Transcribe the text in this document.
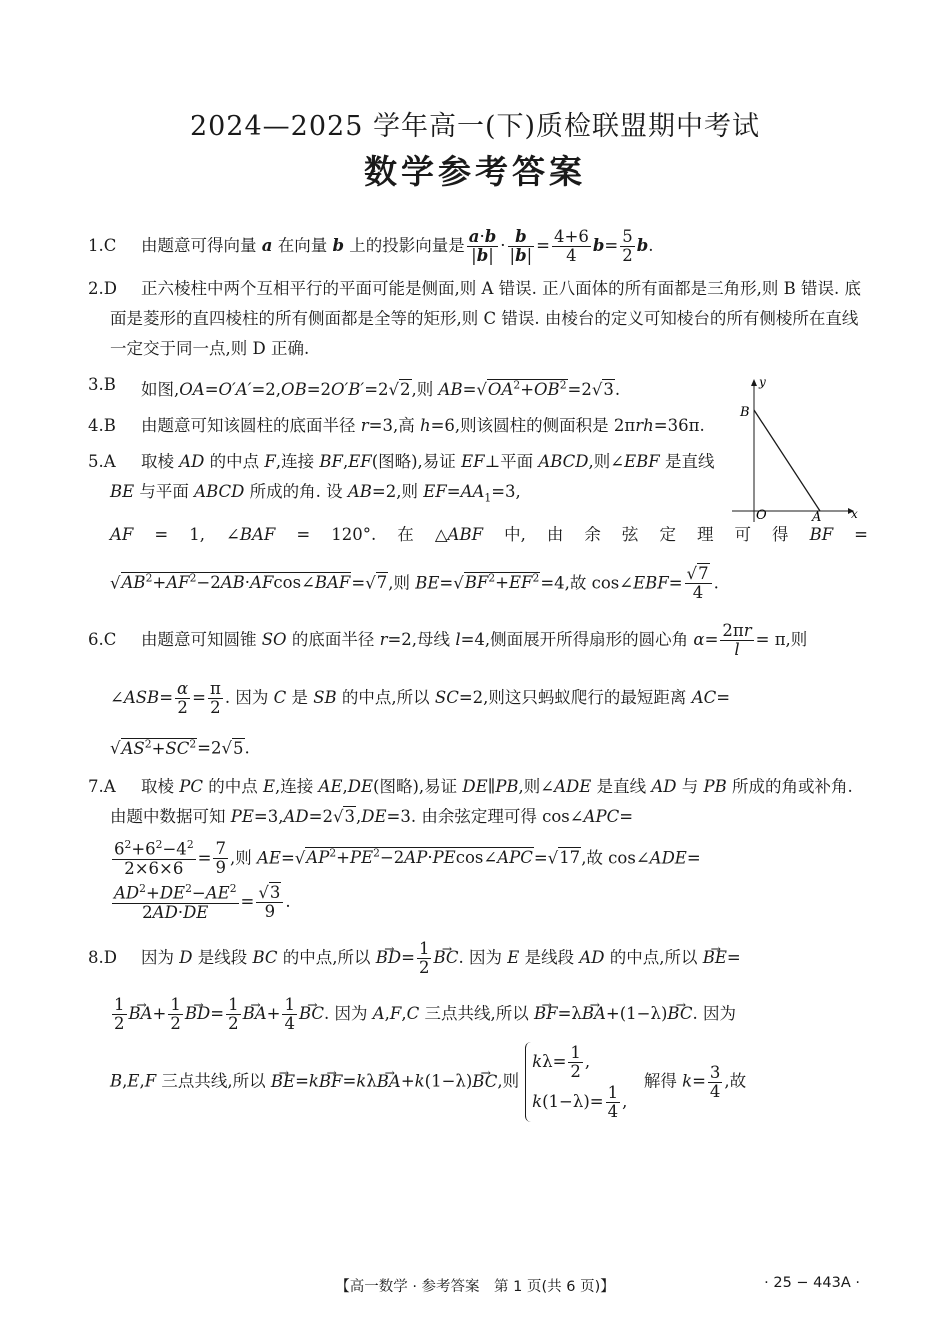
2024—2025 学年高一(下)质检联盟期中考试
数学参考答案
y
x
O	A
B
1.C	由题意可得向量 a 在向量 b 上的投影向量是 $\frac{a\cdot b}{|b|} \cdot \frac{b}{|b|} = \frac{4+6}{4} b= \frac{5}{2} b$.
2.D	正六棱柱中两个互相平行的平面可能是侧面,则 A 错误. 正八面体的所有面都是三角形,则 B 错误. 底面是菱形的直四棱柱的所有侧面都是全等的矩形,则 C 错误. 由棱台的定义可知棱台的所有侧棱所在直线一定交于同一点,则 D 正确.
3.B	如图,OA=O′A′=2,OB=2O′B′=2√2,则 $AB=√OA^2+OB^2=2√3$.
4.B	由题意可知该圆柱的底面半径 r=3,高 h=6,则该圆柱的侧面积是 2πrh=36π.
5.A	取棱 AD 的中点 F,连接 BF,EF(图略),易证 EF⊥平面 ABCD,则∠EBF 是直线 BE 与平面 ABCD 所成的角. 设 AB=2,则 $EF=AA_1=3$,
AF = 1, ∠BAF = 120°. 在 △ABF 中, 由 余 弦 定 理 可 得 BF =
$√AB^2+AF^2-2AB\cdot AFcos\angle BAF=√7$,则 $BE=√BF^2+EF^2=4$,故 cos∠EBF= $\frac{√7}{4}$ .
6.C	由题意可知圆锥 SO 的底面半径 r=2,母线 l=4,侧面展开所得扇形的圆心角 $\alpha= \frac{2\pi r}{l} = \pi$,则∠ASB= $\frac{\alpha}{2} = \frac{\pi}{2}$ . 因为 C 是 SB 的中点,所以 SC=2,则这只蚂蚁爬行的最短距离 AC=
$√AS^2+SC^2=2√5$.
7.A	取棱 PC 的中点 E,连接 AE,DE(图略),易证 DE∥PB,则∠ADE 是直线 AD 与 PB 所成的角或补角. 由题中数据可知 PE=3,AD=2√3,DE=3. 由余弦定理可得 cos∠APC=
$\frac{6^2+6^2-4^2}{2\times 6\times 6} = \frac{7}{9}$ ,则 $AE=√AP^2+PE^2-2AP\cdot PEcos\angle APC=√17$,故 cos∠ADE=
$\frac{AD^2+DE^2-AE^2}{2AD\cdot DE} = \frac{√3}{9}$ .
8.D	因为 D 是线段 BC 的中点,所以 → $BD= \frac{1}{2}$
→ BC. 因为 E 是线段 AD 的中点,所以 → BE=
$\frac{1}{2}$
→ $BA+ \frac{1}{2}$
→ $BD= \frac{1}{2}$
→ $BA+ \frac{1}{4}$
→ BC. 因为 A,F,C 三点共线,所以 → BF=λ→ BA+(1−λ)→ BC. 因为
B,E,F 三点共线,所以 → BE=k→ BF=kλ→ BA+k(1−λ)→ BC,则
$k\lambda= \frac{1}{2}$ ,
$k(1-\lambda)= \frac{1}{4}$ ,
　解得 $k= \frac{3}{4}$ ,故
【高一数学 · 参考答案　第 1 页(共 6 页)】	· 25 − 443A ·
